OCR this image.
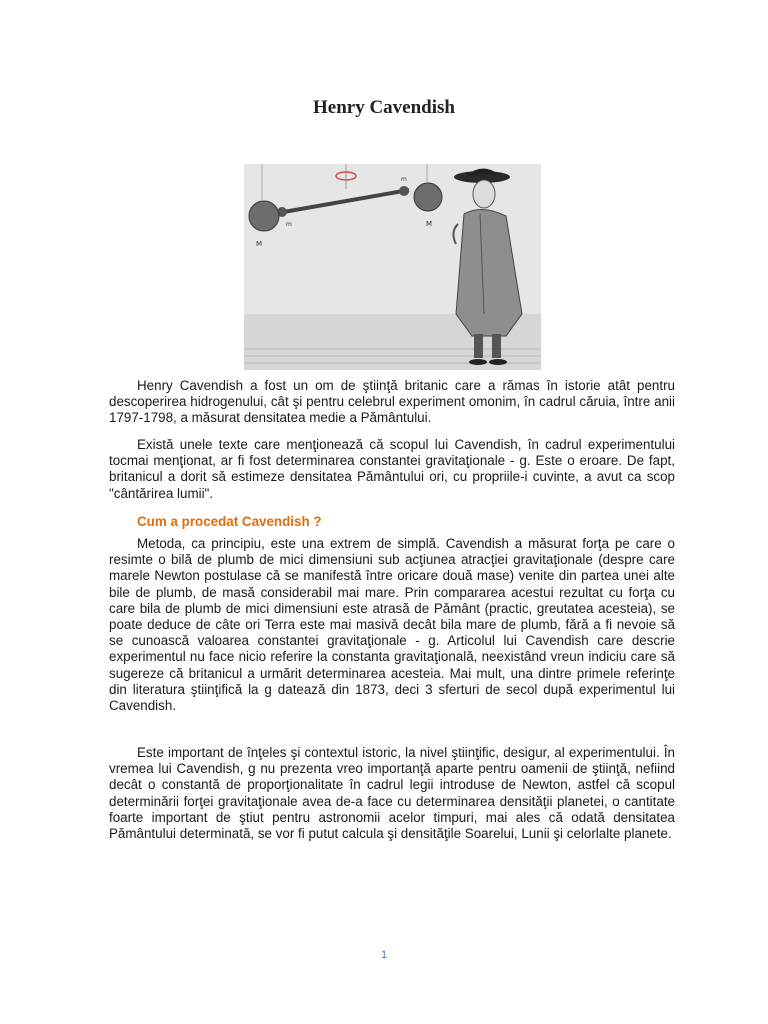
Henry Cavendish
M
m
m
M

Henry Cavendish a fost un om de ştiinţă britanic care a rămas în istorie atât pentru descoperirea hidrogenului, cât şi pentru celebrul experiment omonim, în cadrul căruia, între anii 1797-1798, a măsurat densitatea medie a Pământului.

Există unele texte care menţionează că scopul lui Cavendish, în cadrul experimentului tocmai menţionat, ar fi fost determinarea constantei gravitaţionale - g. Este o eroare. De fapt, britanicul a dorit să estimeze densitatea Pământului ori, cu propriile-i cuvinte, a avut ca scop "cântărirea lumii".

Cum a procedat Cavendish ?

Metoda, ca principiu, este una extrem de simplă. Cavendish a măsurat forţa pe care o resimte o bilă de plumb de mici dimensiuni sub acţiunea atracţiei gravitaţionale (despre care marele Newton postulase că se manifestă între oricare două mase) venite din partea unei alte bile de plumb, de masă considerabil mai mare. Prin compararea acestui rezultat cu forţa cu care bila de plumb de mici dimensiuni este atrasă de Pământ (practic, greutatea acesteia), se poate deduce de câte ori Terra este mai masivă decât bila mare de plumb, fără a fi nevoie să se cunoască valoarea constantei gravitaţionale - g. Articolul lui Cavendish care descrie experimentul nu face nicio referire la constanta gravitaţională, neexistând vreun indiciu care să sugereze că britanicul a urmărit determinarea acesteia. Mai mult, una dintre primele referinţe din literatura ştiinţifică la g datează din 1873, deci 3 sferturi de secol după experimentul lui Cavendish.

Este important de înţeles şi contextul istoric, la nivel ştiinţific, desigur, al experimentului. În vremea lui Cavendish, g nu prezenta vreo importanţă aparte pentru oamenii de ştiinţă, nefiind decât o constantă de proporţionalitate în cadrul legii introduse de Newton, astfel că scopul determinării forţei gravitaţionale avea de-a face cu determinarea densităţii planetei, o cantitate foarte important de ştiut pentru astronomii acelor timpuri, mai ales că odată densitatea Pământului determinată, se vor fi putut calcula şi densităţile Soarelui, Lunii şi celorlalte planete.

1
